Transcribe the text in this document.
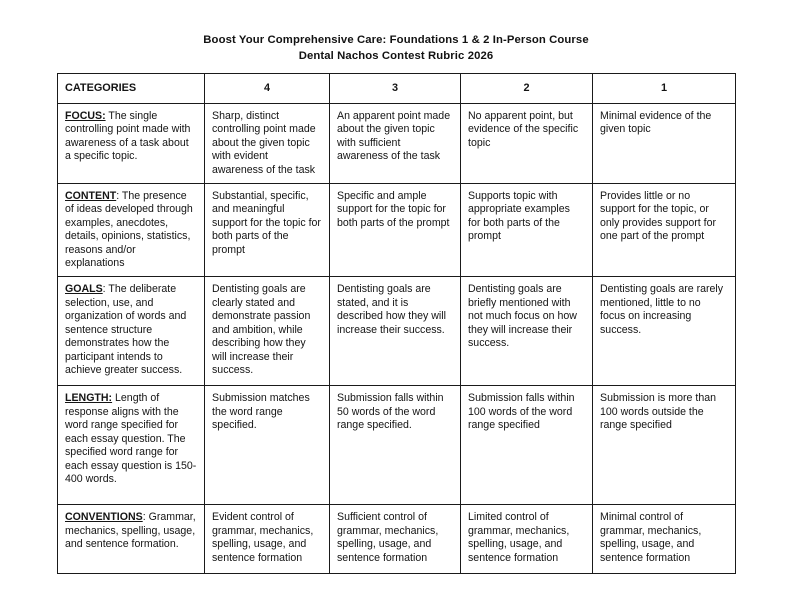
Boost Your Comprehensive Care: Foundations 1 & 2 In-Person Course
Dental Nachos Contest Rubric 2026
CATEGORIES	4	3	2	1
FOCUS: The single controlling point made with awareness of a task about a specific topic.	Sharp, distinct controlling point made about the given topic with evident awareness of the task	An apparent point made about the given topic with sufficient awareness of the task	No apparent point, but evidence of the specific topic	Minimal evidence of the given topic
CONTENT: The presence of ideas developed through examples, anecdotes, details, opinions, statistics, reasons and/or explanations	Substantial, specific, and meaningful support for the topic for both parts of the prompt	Specific and ample support for the topic for both parts of the prompt	Supports topic with appropriate examples for both parts of the prompt	Provides little or no support for the topic, or only provides support for one part of the prompt
GOALS: The deliberate selection, use, and organization of words and sentence structure demonstrates how the participant intends to achieve greater success.	Dentisting goals are clearly stated and demonstrate passion and ambition, while describing how they will increase their success.	Dentisting goals are stated, and it is described how they will increase their success.	Dentisting goals are briefly mentioned with not much focus on how they will increase their success.	Dentisting goals are rarely mentioned, little to no focus on increasing success.
LENGTH: Length of response aligns with the word range specified for each essay question. The specified word range for each essay question is 150-400 words.	Submission matches the word range specified.	Submission falls within 50 words of the word range specified.	Submission falls within 100 words of the word range specified	Submission is more than 100 words outside the range specified
CONVENTIONS: Grammar, mechanics, spelling, usage, and sentence formation.	Evident control of grammar, mechanics, spelling, usage, and sentence formation	Sufficient control of grammar, mechanics, spelling, usage, and sentence formation	Limited control of grammar, mechanics, spelling, usage, and sentence formation	Minimal control of grammar, mechanics, spelling, usage, and sentence formation
